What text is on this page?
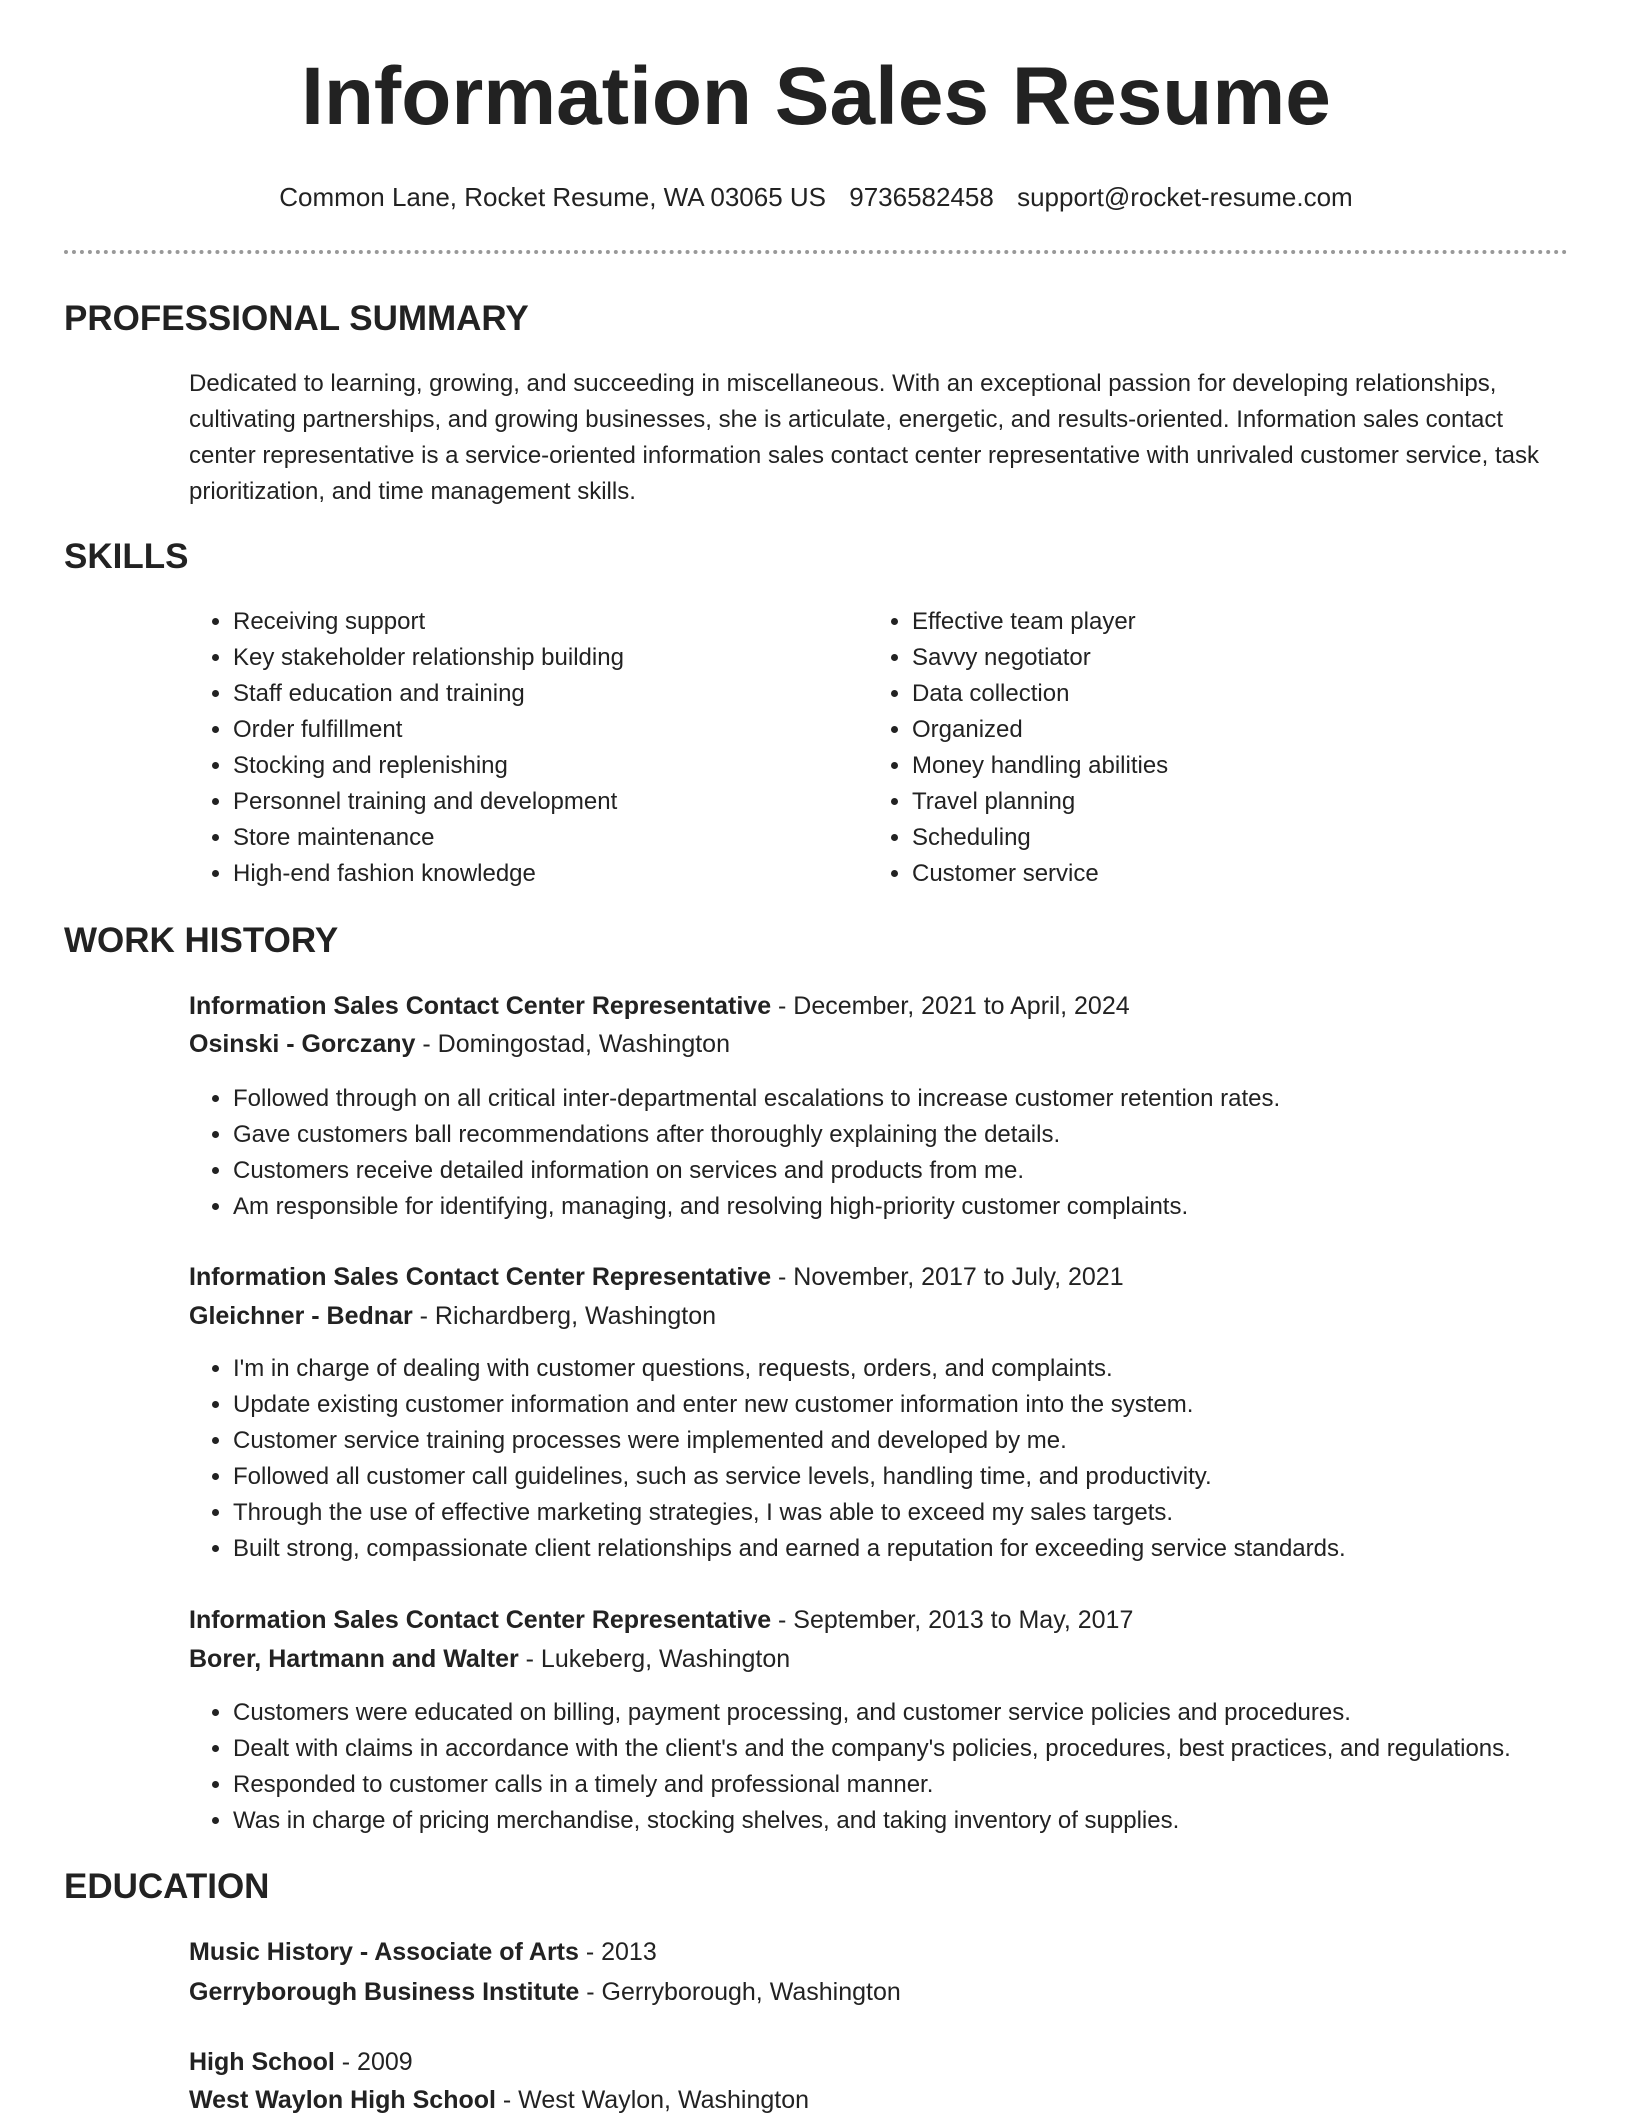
Information Sales Resume
Common Lane, Rocket Resume, WA 03065 US 9736582458 support@rocket-resume.com
PROFESSIONAL SUMMARY

Dedicated to learning, growing, and succeeding in miscellaneous. With an exceptional passion for developing relationships, cultivating partnerships, and growing businesses, she is articulate, energetic, and results-oriented. Information sales contact center representative is a service-oriented information sales contact center representative with unrivaled customer service, task prioritization, and time management skills.

SKILLS
• Receiving support
• Key stakeholder relationship building
• Staff education and training
• Order fulfillment
• Stocking and replenishing
• Personnel training and development
• Store maintenance
• High-end fashion knowledge
• Effective team player
• Savvy negotiator
• Data collection
• Organized
• Money handling abilities
• Travel planning
• Scheduling
• Customer service
WORK HISTORY
Information Sales Contact Center Representative - December, 2021 to April, 2024
Osinski - Gorczany - Domingostad, Washington
• Followed through on all critical inter-departmental escalations to increase customer retention rates.
• Gave customers ball recommendations after thoroughly explaining the details.
• Customers receive detailed information on services and products from me.
• Am responsible for identifying, managing, and resolving high-priority customer complaints.
Information Sales Contact Center Representative - November, 2017 to July, 2021
Gleichner - Bednar - Richardberg, Washington
• I'm in charge of dealing with customer questions, requests, orders, and complaints.
• Update existing customer information and enter new customer information into the system.
• Customer service training processes were implemented and developed by me.
• Followed all customer call guidelines, such as service levels, handling time, and productivity.
• Through the use of effective marketing strategies, I was able to exceed my sales targets.
• Built strong, compassionate client relationships and earned a reputation for exceeding service standards.
Information Sales Contact Center Representative - September, 2013 to May, 2017
Borer, Hartmann and Walter - Lukeberg, Washington
• Customers were educated on billing, payment processing, and customer service policies and procedures.
• Dealt with claims in accordance with the client's and the company's policies, procedures, best practices, and regulations.
• Responded to customer calls in a timely and professional manner.
• Was in charge of pricing merchandise, stocking shelves, and taking inventory of supplies.
EDUCATION
Music History - Associate of Arts - 2013
Gerryborough Business Institute - Gerryborough, Washington
High School - 2009
West Waylon High School - West Waylon, Washington
